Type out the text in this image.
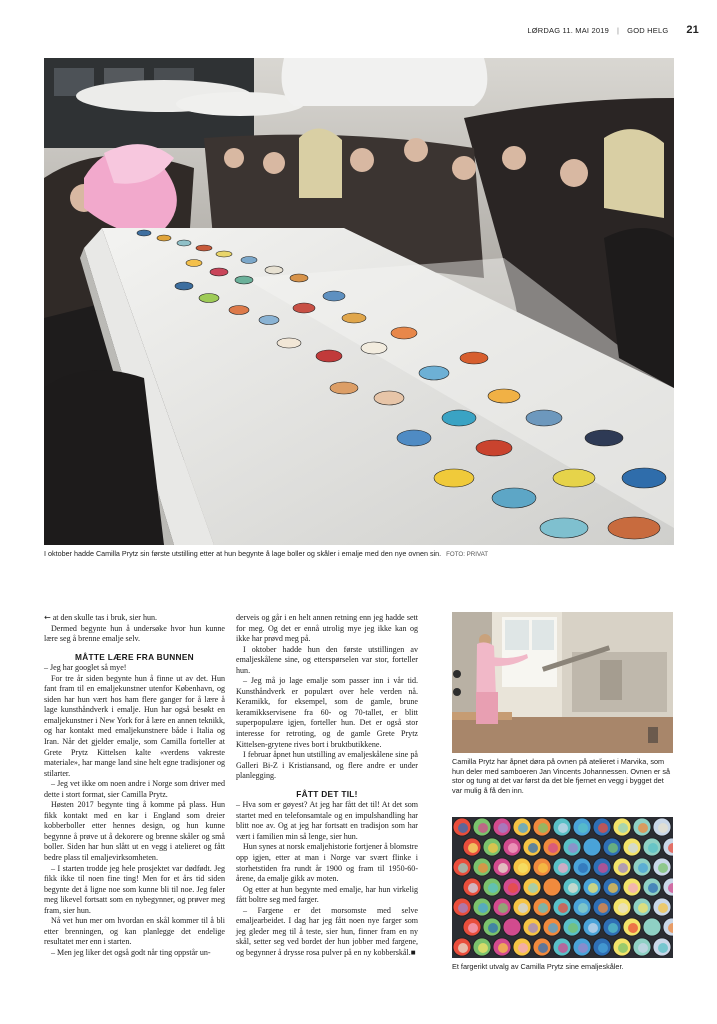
LØRDAG 11. MAI 2019 | GOD HELG 21
I oktober hadde Camilla Prytz sin første utstilling etter at hun begynte å lage boller og skåler i emalje med den nye ovnen sin. FOTO: PRIVAT

← at den skulle tas i bruk, sier hun.

Dermed begynte hun å undersøke hvor hun kunne lære seg å brenne emalje selv.

MÅTTE LÆRE FRA BUNNEN

– Jeg har googlet så mye!

For tre år siden begynte hun å finne ut av det. Hun fant fram til en emaljekunstner utenfor København, og siden har hun vært hos ham flere ganger for å lære å lage kunsthåndverk i emalje. Hun har også besøkt en emaljekunstner i New York for å lære en annen teknikk, og har kontakt med emaljekunstnere både i Italia og Iran. Når det gjelder emalje, som Camilla forteller at Grete Prytz Kittelsen kalte «verdens vakreste materiale», har mange land sine helt egne tradisjoner og stilarter.

– Jeg vet ikke om noen andre i Norge som driver med dette i stort format, sier Camilla Prytz.

Høsten 2017 begynte ting å komme på plass. Hun fikk kontakt med en kar i England som dreier kobberboller etter hennes design, og hun kunne begynne å prøve ut å dekorere og brenne skåler og små boller. Siden har hun slått ut en vegg i atelieret og fått bedre plass til emaljevirksomheten.

– I starten trodde jeg hele prosjektet var dødfødt. Jeg fikk ikke til noen fine ting! Men for et års tid siden begynte det å ligne noe som kunne bli til noe. Jeg føler meg likevel fortsatt som en nybegynner, og prøver meg fram, sier hun.

Nå vet hun mer om hvordan en skål kommer til å bli etter brenningen, og kan planlegge det endelige resultatet mer enn i starten.

– Men jeg liker det også godt når ting oppstår un-

derveis og går i en helt annen retning enn jeg hadde sett for meg. Og det er ennå utrolig mye jeg ikke kan og ikke har prøvd meg på.

I oktober hadde hun den første utstillingen av emaljeskålene sine, og etterspørselen var stor, forteller hun.

– Jeg må jo lage emalje som passer inn i vår tid. Kunsthåndverk er populært over hele verden nå. Keramikk, for eksempel, som de gamle, brune keramikkservisene fra 60- og 70-tallet, er blitt superpopulære igjen, forteller hun. Det er også stor interesse for retroting, og de gamle Grete Prytz Kittelsen-grytene rives bort i bruktbutikkene.

I februar åpnet hun utstilling av emaljeskålene sine på Galleri Bi-Z i Kristiansand, og flere andre er under planlegging.

FÅTT DET TIL!

– Hva som er gøyest? At jeg har fått det til! At det som startet med en telefonsamtale og en impulshandling har blitt noe av. Og at jeg har fortsatt en tradisjon som har vært i familien min så lenge, sier hun.

Hun synes at norsk emaljehistorie fortjener å blomstre opp igjen, etter at man i Norge var svært flinke i storhetstiden fra rundt år 1900 og fram til 1950-60-årene, da emalje gikk av moten.

Og etter at hun begynte med emalje, har hun virkelig fått boltre seg med farger.

– Fargene er det morsomste med selve emaljearbeidet. I dag har jeg fått noen nye farger som jeg gleder meg til å teste, sier hun, finner fram en ny skål, setter seg ved bordet der hun jobber med fargene, og begynner å drysse rosa pulver på en ny kobberskål.■

Camilla Prytz har åpnet døra på ovnen på atelieret i Marvika, som hun deler med samboeren Jan Vincents Johannessen. Ovnen er så stor og tung at det var først da det ble fjernet en vegg i bygget det var mulig å få den inn.
Et fargerikt utvalg av Camilla Prytz sine emaljeskåler.
